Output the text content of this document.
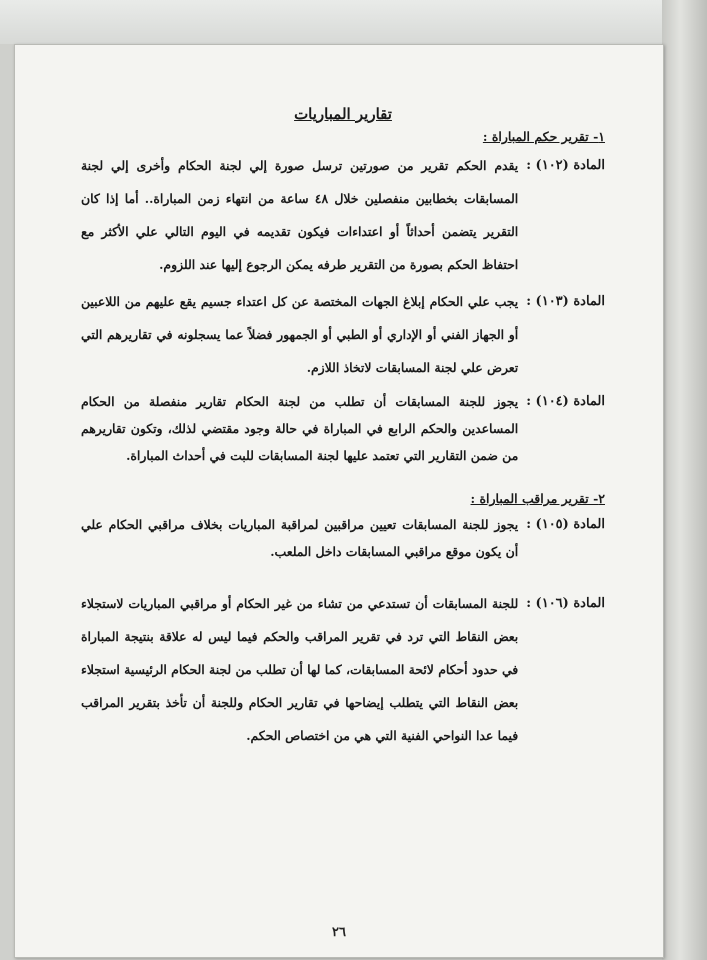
تقارير المباريات
١- تقرير حكم المباراة :
المادة (١٠٢) :
يقدم الحكم تقرير من صورتين ترسل صورة إلي لجنة الحكام وأخرى إلي لجنة المسابقات بخطابين منفصلين خلال ٤٨ ساعة من انتهاء زمن المباراة.. أما إذا كان التقرير يتضمن أحداثاً أو اعتداءات فيكون تقديمه في اليوم التالي علي الأكثر مع احتفاظ الحكم بصورة من التقرير طرفه يمكن الرجوع إليها عند اللزوم.
المادة (١٠٣) :
يجب علي الحكام إبلاغ الجهات المختصة عن كل اعتداء جسيم يقع عليهم من اللاعبين أو الجهاز الفني أو الإداري أو الطبي أو الجمهور فضلاً عما يسجلونه في تقاريرهم التي تعرض علي لجنة المسابقات لاتخاذ اللازم.
المادة (١٠٤) :
يجوز للجنة المسابقات أن تطلب من لجنة الحكام تقارير منفصلة من الحكام المساعدين والحكم الرابع في المباراة في حالة وجود مقتضي لذلك، وتكون تقاريرهم من ضمن التقارير التي تعتمد عليها لجنة المسابقات للبت في أحداث المباراة.
٢- تقرير مراقب المباراة :
المادة (١٠٥) :
يجوز للجنة المسابقات تعيين مراقبين لمراقبة المباريات بخلاف مراقبي الحكام علي أن يكون موقع مراقبي المسابقات داخل الملعب.
المادة (١٠٦) :
للجنة المسابقات أن تستدعي من تشاء من غير الحكام أو مراقبي المباريات لاستجلاء بعض النقاط التي ترد في تقرير المراقب والحكم فيما ليس له علاقة بنتيجة المباراة في حدود أحكام لائحة المسابقات، كما لها أن تطلب من لجنة الحكام الرئيسية استجلاء بعض النقاط التي يتطلب إيضاحها في تقارير الحكام وللجنة أن تأخذ بتقرير المراقب فيما عدا النواحي الفنية التي هي من اختصاص الحكم.
٢٦
